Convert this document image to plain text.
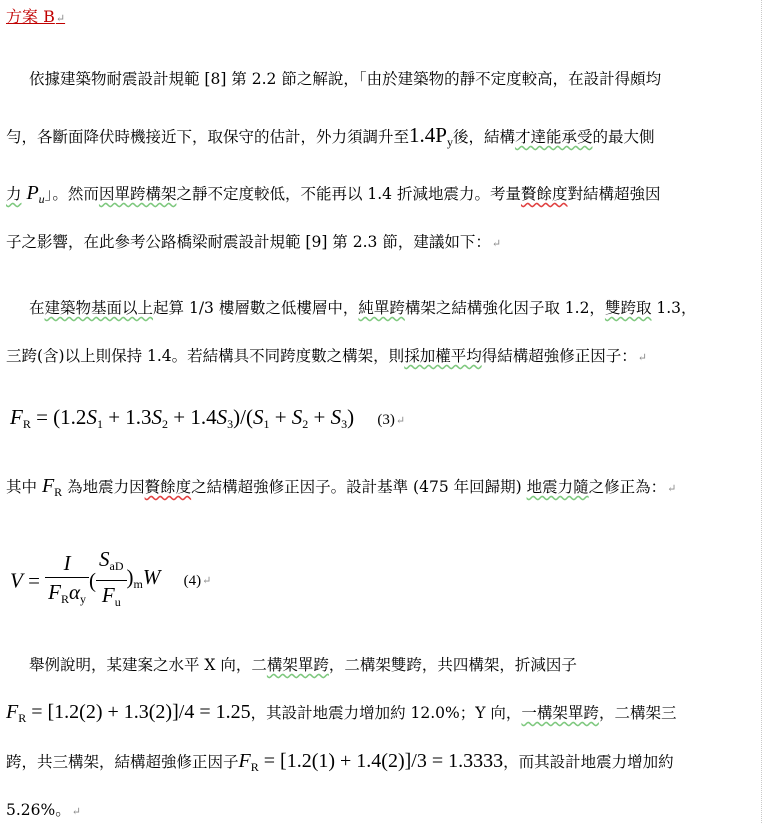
方案 B↵
依據建築物耐震設計規範 [8] 第 2.2 節之解說，「由於建築物的靜不定度較高，在設計得頗均
勻，各斷面降伏時機接近下，取保守的估計，外力須調升至$1.4P_y$後，結構才達能承受的最大側
力 $P_u$」。然而因單跨構架之靜不定度較低，不能再以 1.4 折減地震力。考量贅餘度對結構超強因
子之影響，在此參考公路橋梁耐震設計規範 [9] 第 2.3 節，建議如下：↵
在建築物基面以上起算 1/3 樓層數之低樓層中，純單跨構架之結構強化因子取 1.2，雙跨取 1.3，
三跨(含)以上則保持 1.4。若結構具不同跨度數之構架，則採加權平均得結構超強修正因子：↵
$F_R = (1.2S_1 + 1.3S_2 + 1.4S_3)/(S_1 + S_2 + S_3)$ (3)↵
其中 $F_R$ 為地震力因贅餘度之結構超強修正因子。設計基準 (475 年回歸期) 地震力隨之修正為：↵
$V = \frac{I}{F_R\alpha_y}$ ( $\frac{S_{aD}}{F_u} )_mW$ (4)↵
舉例說明，某建案之水平 X 向，二構架單跨，二構架雙跨，共四構架，折減因子
$F_R = [1.2(2) + 1.3(2)]/4 = 1.25$，其設計地震力增加約 12.0%；Y 向，一構架單跨，二構架三
跨，共三構架，結構超強修正因子$F_R = [1.2(1) + 1.4(2)]/3 = 1.3333$，而其設計地震力增加約
5.26%。↵
